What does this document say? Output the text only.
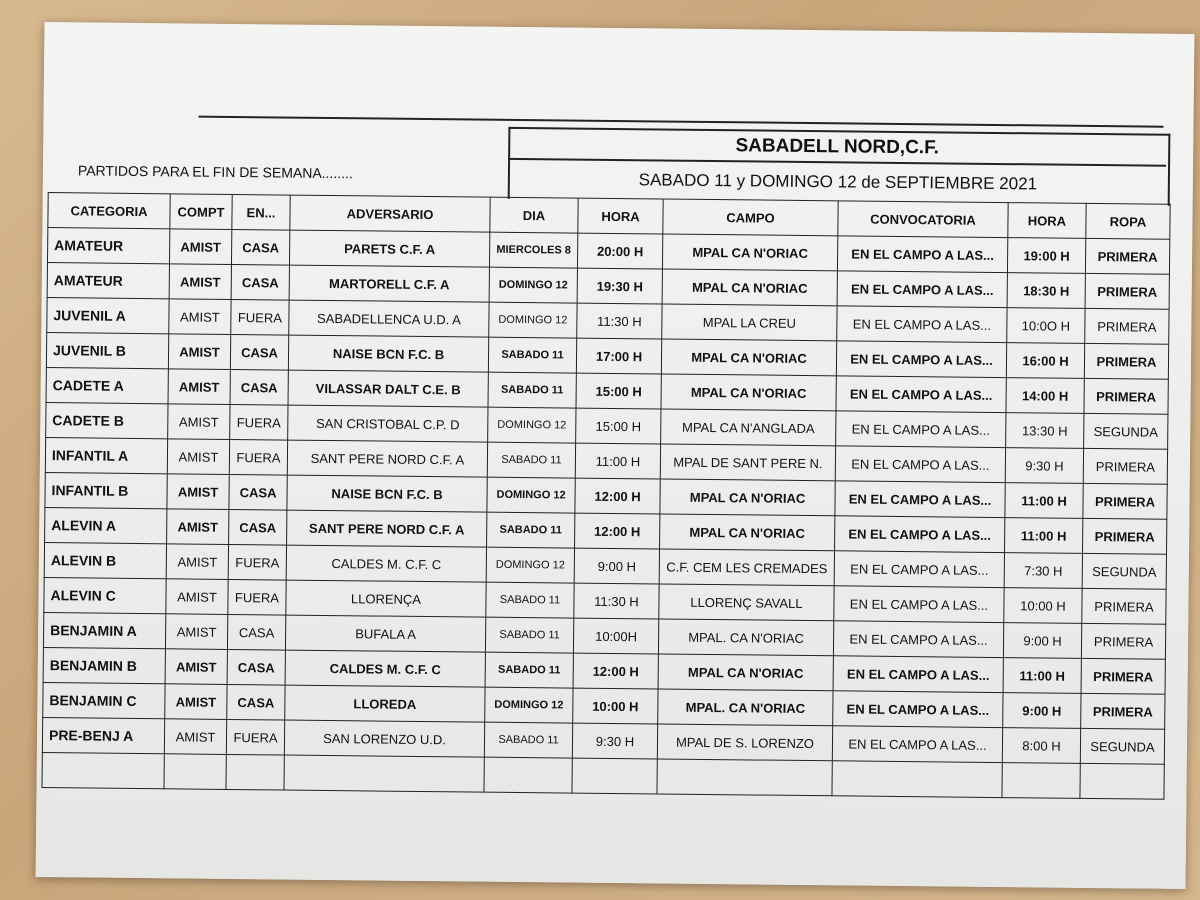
SABADELL NORD,C.F.
SABADO 11 y DOMINGO 12 de SEPTIEMBRE 2021
PARTIDOS PARA EL FIN DE SEMANA........
CATEGORIA	COMPT	EN...	ADVERSARIO	DIA	HORA	CAMPO	CONVOCATORIA	HORA	ROPA
AMATEUR	AMIST	CASA	PARETS C.F. A	MIERCOLES 8	20:00 H	MPAL CA N'ORIAC	EN EL CAMPO A LAS...	19:00 H	PRIMERA
AMATEUR	AMIST	CASA	MARTORELL C.F. A	DOMINGO 12	19:30 H	MPAL CA N'ORIAC	EN EL CAMPO A LAS...	18:30 H	PRIMERA
JUVENIL A	AMIST	FUERA	SABADELLENCA U.D. A	DOMINGO 12	11:30 H	MPAL LA CREU	EN EL CAMPO A LAS...	10:0O H	PRIMERA
JUVENIL B	AMIST	CASA	NAISE BCN F.C. B	SABADO 11	17:00 H	MPAL CA N'ORIAC	EN EL CAMPO A LAS...	16:00 H	PRIMERA
CADETE A	AMIST	CASA	VILASSAR DALT C.E. B	SABADO 11	15:00 H	MPAL CA N'ORIAC	EN EL CAMPO A LAS...	14:00 H	PRIMERA
CADETE B	AMIST	FUERA	SAN CRISTOBAL C.P. D	DOMINGO 12	15:00 H	MPAL CA N'ANGLADA	EN EL CAMPO A LAS...	13:30 H	SEGUNDA
INFANTIL A	AMIST	FUERA	SANT PERE NORD C.F. A	SABADO 11	11:00 H	MPAL DE SANT PERE N.	EN EL CAMPO A LAS...	9:30 H	PRIMERA
INFANTIL B	AMIST	CASA	NAISE BCN F.C. B	DOMINGO 12	12:00 H	MPAL CA N'ORIAC	EN EL CAMPO A LAS...	11:00 H	PRIMERA
ALEVIN A	AMIST	CASA	SANT PERE NORD C.F. A	SABADO 11	12:00 H	MPAL CA N'ORIAC	EN EL CAMPO A LAS...	11:00 H	PRIMERA
ALEVIN B	AMIST	FUERA	CALDES M. C.F. C	DOMINGO 12	9:00 H	C.F. CEM LES CREMADES	EN EL CAMPO A LAS...	7:30 H	SEGUNDA
ALEVIN C	AMIST	FUERA	LLORENÇA	SABADO 11	11:30 H	LLORENÇ SAVALL	EN EL CAMPO A LAS...	10:00 H	PRIMERA
BENJAMIN A	AMIST	CASA	BUFALA A	SABADO 11	10:00H	MPAL. CA N'ORIAC	EN EL CAMPO A LAS...	9:00 H	PRIMERA
BENJAMIN B	AMIST	CASA	CALDES M. C.F. C	SABADO 11	12:00 H	MPAL CA N'ORIAC	EN EL CAMPO A LAS...	11:00 H	PRIMERA
BENJAMIN C	AMIST	CASA	LLOREDA	DOMINGO 12	10:00 H	MPAL. CA N'ORIAC	EN EL CAMPO A LAS...	9:00 H	PRIMERA
PRE-BENJ A	AMIST	FUERA	SAN LORENZO U.D.	SABADO 11	9:30 H	MPAL DE S. LORENZO	EN EL CAMPO A LAS...	8:00 H	SEGUNDA
